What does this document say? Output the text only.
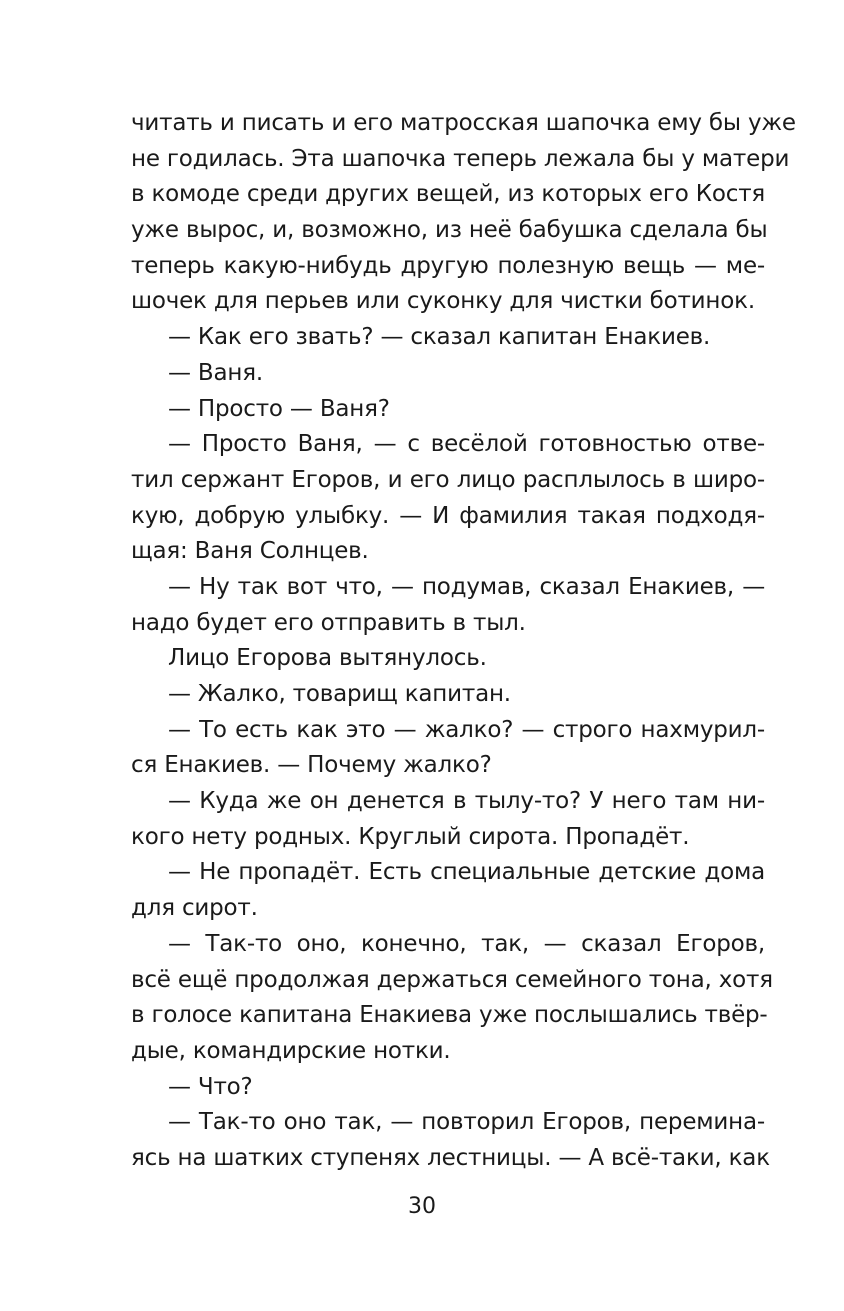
читать и писать и его матросская шапочка ему бы уже
не годилась. Эта шапочка теперь лежала бы у матери
в комоде среди других вещей, из которых его Костя
уже вырос, и, возможно, из неё бабушка сделала бы
теперь какую-нибудь другую полезную вещь — ме-
шочек для перьев или суконку для чистки ботинок.
— Как его звать? — сказал капитан Енакиев.
— Ваня.
— Просто — Ваня?
— Просто Ваня, — с весёлой готовностью отве-
тил сержант Егоров, и его лицо расплылось в широ-
кую, добрую улыбку. — И фамилия такая подходя-
щая: Ваня Солнцев.
— Ну так вот что, — подумав, сказал Енакиев, —
надо будет его отправить в тыл.
Лицо Егорова вытянулось.
— Жалко, товарищ капитан.
— То есть как это — жалко? — строго нахмурил-
ся Енакиев. — Почему жалко?
— Куда же он денется в тылу-то? У него там ни-
кого нету родных. Круглый сирота. Пропадёт.
— Не пропадёт. Есть специальные детские дома
для сирот.
— Так-то оно, конечно, так, — сказал Егоров,
всё ещё продолжая держаться семейного тона, хотя
в голосе капитана Енакиева уже послышались твёр-
дые, командирские нотки.
— Что?
— Так-то оно так, — повторил Егоров, перемина-
ясь на шатких ступенях лестницы. — А всё-таки, как
30
